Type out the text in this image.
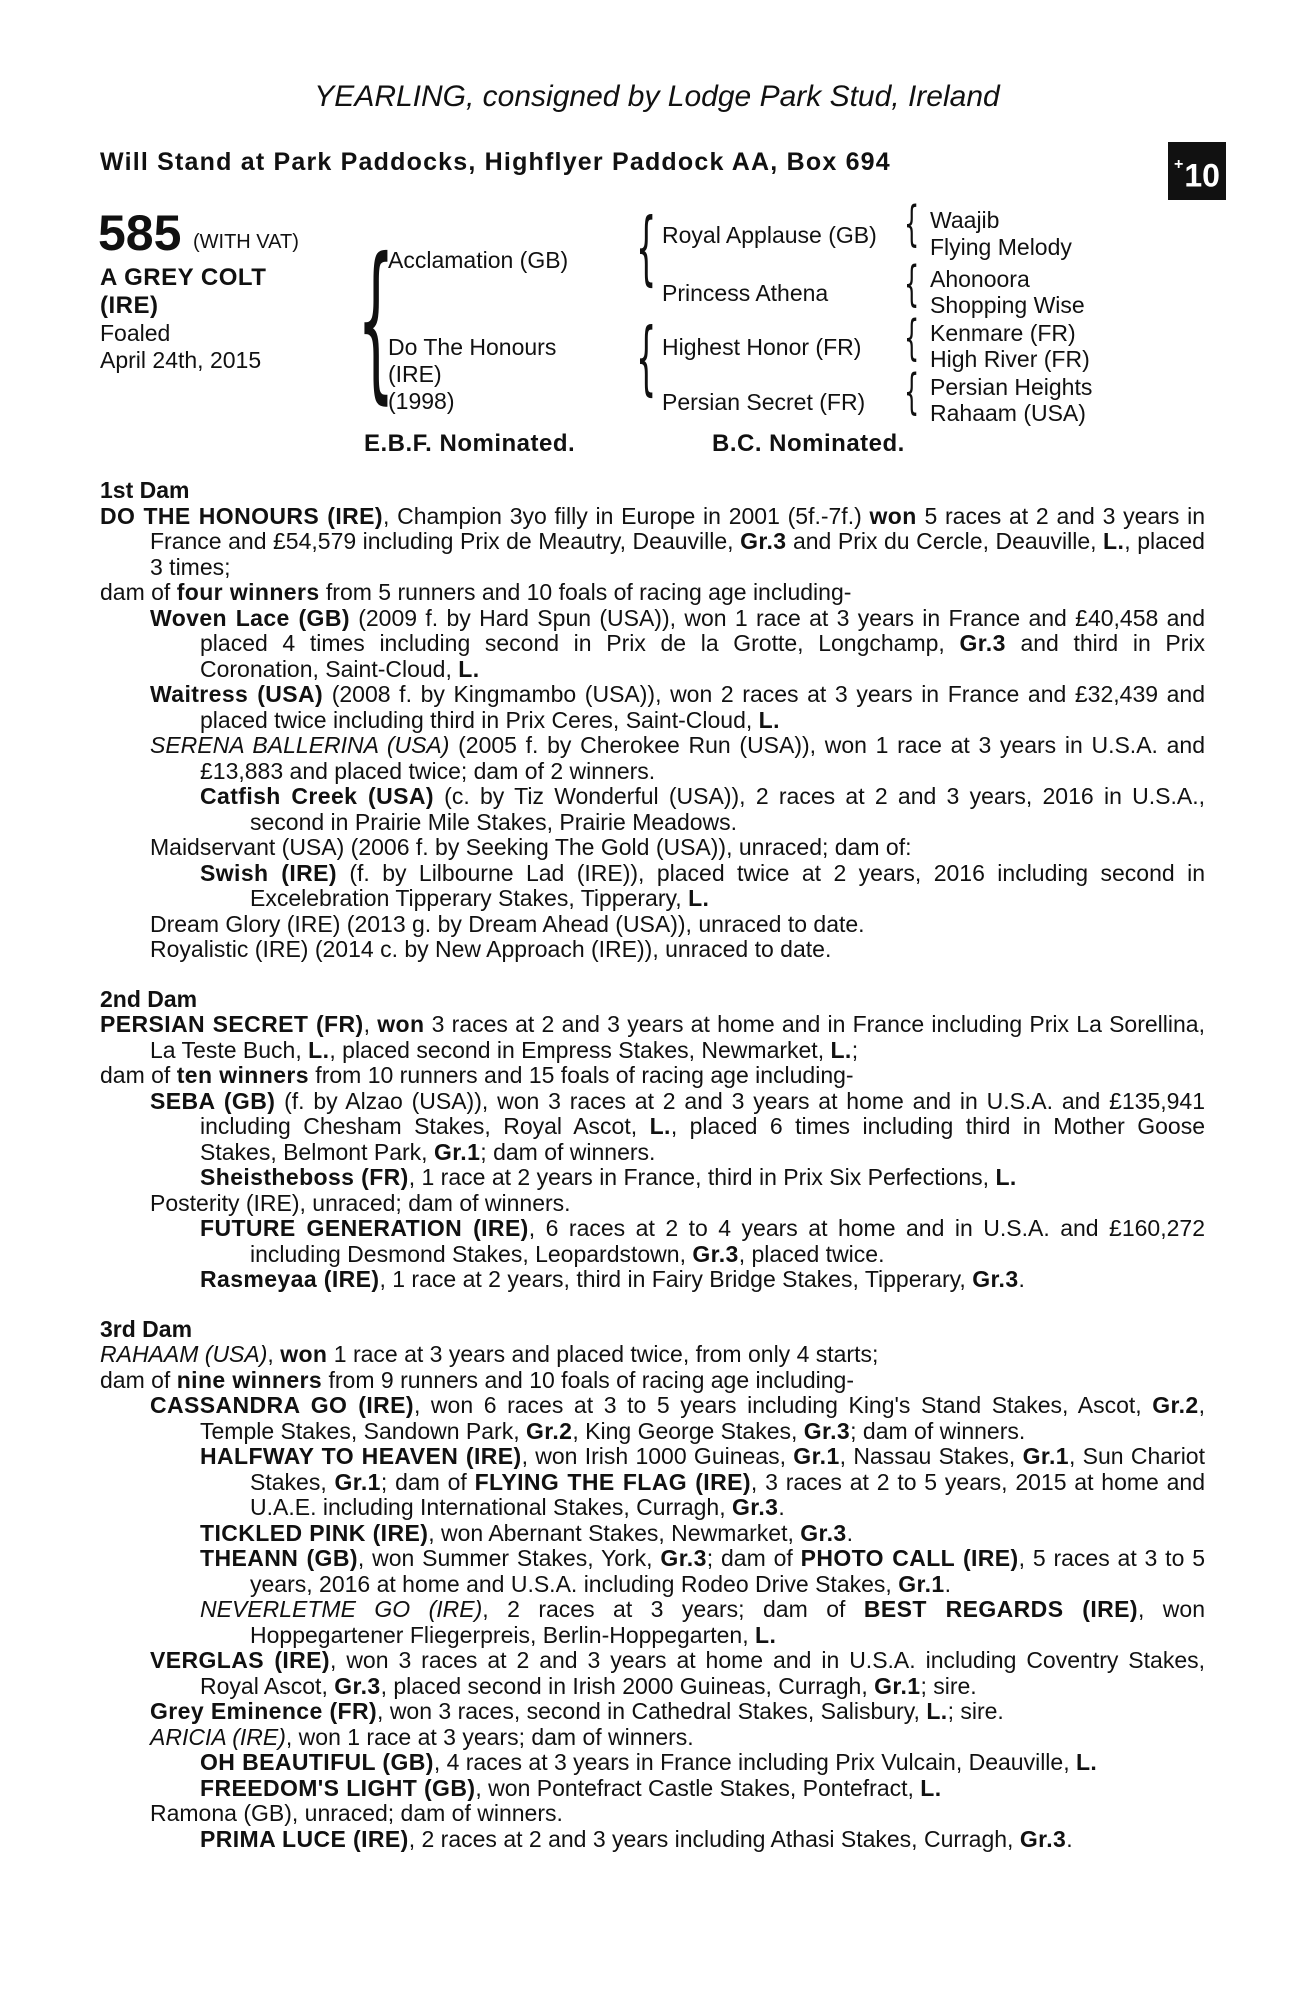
YEARLING, consigned by Lodge Park Stud, Ireland
Will Stand at Park Paddocks, Highflyer Paddock AA, Box 694	+10
585 (WITH VAT)
A GREY COLT
(IRE)
Foaled
April 24th, 2015 {
Acclamation (GB)
Do The Honours
(IRE)
(1998)
{ Royal Applause (GB)
Princess Athena
{ Highest Honor (FR)
Persian Secret (FR)
{ Waajib
Flying Melody
{ Ahonoora
Shopping Wise
{ Kenmare (FR)
High River (FR)
{ Persian Heights
Rahaam (USA)
E.B.F. Nominated.	B.C. Nominated.
1st Dam
DO THE HONOURS (IRE), Champion 3yo filly in Europe in 2001 (5f.-7f.) won 5 races at 2 and 3 years in France and £54,579 including Prix de Meautry, Deauville, Gr.3 and Prix du Cercle, Deauville, L., placed 3 times;
dam of four winners from 5 runners and 10 foals of racing age including-
Woven Lace (GB) (2009 f. by Hard Spun (USA)), won 1 race at 3 years in France and £40,458 and placed 4 times including second in Prix de la Grotte, Longchamp, Gr.3 and third in Prix Coronation, Saint-Cloud, L.
Waitress (USA) (2008 f. by Kingmambo (USA)), won 2 races at 3 years in France and £32,439 and placed twice including third in Prix Ceres, Saint-Cloud, L.
SERENA BALLERINA (USA) (2005 f. by Cherokee Run (USA)), won 1 race at 3 years in U.S.A. and £13,883 and placed twice; dam of 2 winners.
Catfish Creek (USA) (c. by Tiz Wonderful (USA)), 2 races at 2 and 3 years, 2016 in U.S.A., second in Prairie Mile Stakes, Prairie Meadows.
Maidservant (USA) (2006 f. by Seeking The Gold (USA)), unraced; dam of:
Swish (IRE) (f. by Lilbourne Lad (IRE)), placed twice at 2 years, 2016 including second in Excelebration Tipperary Stakes, Tipperary, L.
Dream Glory (IRE) (2013 g. by Dream Ahead (USA)), unraced to date.
Royalistic (IRE) (2014 c. by New Approach (IRE)), unraced to date.
2nd Dam
PERSIAN SECRET (FR), won 3 races at 2 and 3 years at home and in France including Prix La Sorellina, La Teste Buch, L., placed second in Empress Stakes, Newmarket, L.;
dam of ten winners from 10 runners and 15 foals of racing age including-
SEBA (GB) (f. by Alzao (USA)), won 3 races at 2 and 3 years at home and in U.S.A. and £135,941 including Chesham Stakes, Royal Ascot, L., placed 6 times including third in Mother Goose Stakes, Belmont Park, Gr.1; dam of winners.
Sheistheboss (FR), 1 race at 2 years in France, third in Prix Six Perfections, L.
Posterity (IRE), unraced; dam of winners.
FUTURE GENERATION (IRE), 6 races at 2 to 4 years at home and in U.S.A. and £160,272 including Desmond Stakes, Leopardstown, Gr.3, placed twice.
Rasmeyaa (IRE), 1 race at 2 years, third in Fairy Bridge Stakes, Tipperary, Gr.3.
3rd Dam
RAHAAM (USA), won 1 race at 3 years and placed twice, from only 4 starts;
dam of nine winners from 9 runners and 10 foals of racing age including-
CASSANDRA GO (IRE), won 6 races at 3 to 5 years including King's Stand Stakes, Ascot, Gr.2, Temple Stakes, Sandown Park, Gr.2, King George Stakes, Gr.3; dam of winners.
HALFWAY TO HEAVEN (IRE), won Irish 1000 Guineas, Gr.1, Nassau Stakes, Gr.1, Sun Chariot Stakes, Gr.1; dam of FLYING THE FLAG (IRE), 3 races at 2 to 5 years, 2015 at home and U.A.E. including International Stakes, Curragh, Gr.3.
TICKLED PINK (IRE), won Abernant Stakes, Newmarket, Gr.3.
THEANN (GB), won Summer Stakes, York, Gr.3; dam of PHOTO CALL (IRE), 5 races at 3 to 5 years, 2016 at home and U.S.A. including Rodeo Drive Stakes, Gr.1.
NEVERLETME GO (IRE), 2 races at 3 years; dam of BEST REGARDS (IRE), won Hoppegartener Fliegerpreis, Berlin-Hoppegarten, L.
VERGLAS (IRE), won 3 races at 2 and 3 years at home and in U.S.A. including Coventry Stakes, Royal Ascot, Gr.3, placed second in Irish 2000 Guineas, Curragh, Gr.1; sire.
Grey Eminence (FR), won 3 races, second in Cathedral Stakes, Salisbury, L.; sire.
ARICIA (IRE), won 1 race at 3 years; dam of winners.
OH BEAUTIFUL (GB), 4 races at 3 years in France including Prix Vulcain, Deauville, L.
FREEDOM'S LIGHT (GB), won Pontefract Castle Stakes, Pontefract, L.
Ramona (GB), unraced; dam of winners.
PRIMA LUCE (IRE), 2 races at 2 and 3 years including Athasi Stakes, Curragh, Gr.3.
